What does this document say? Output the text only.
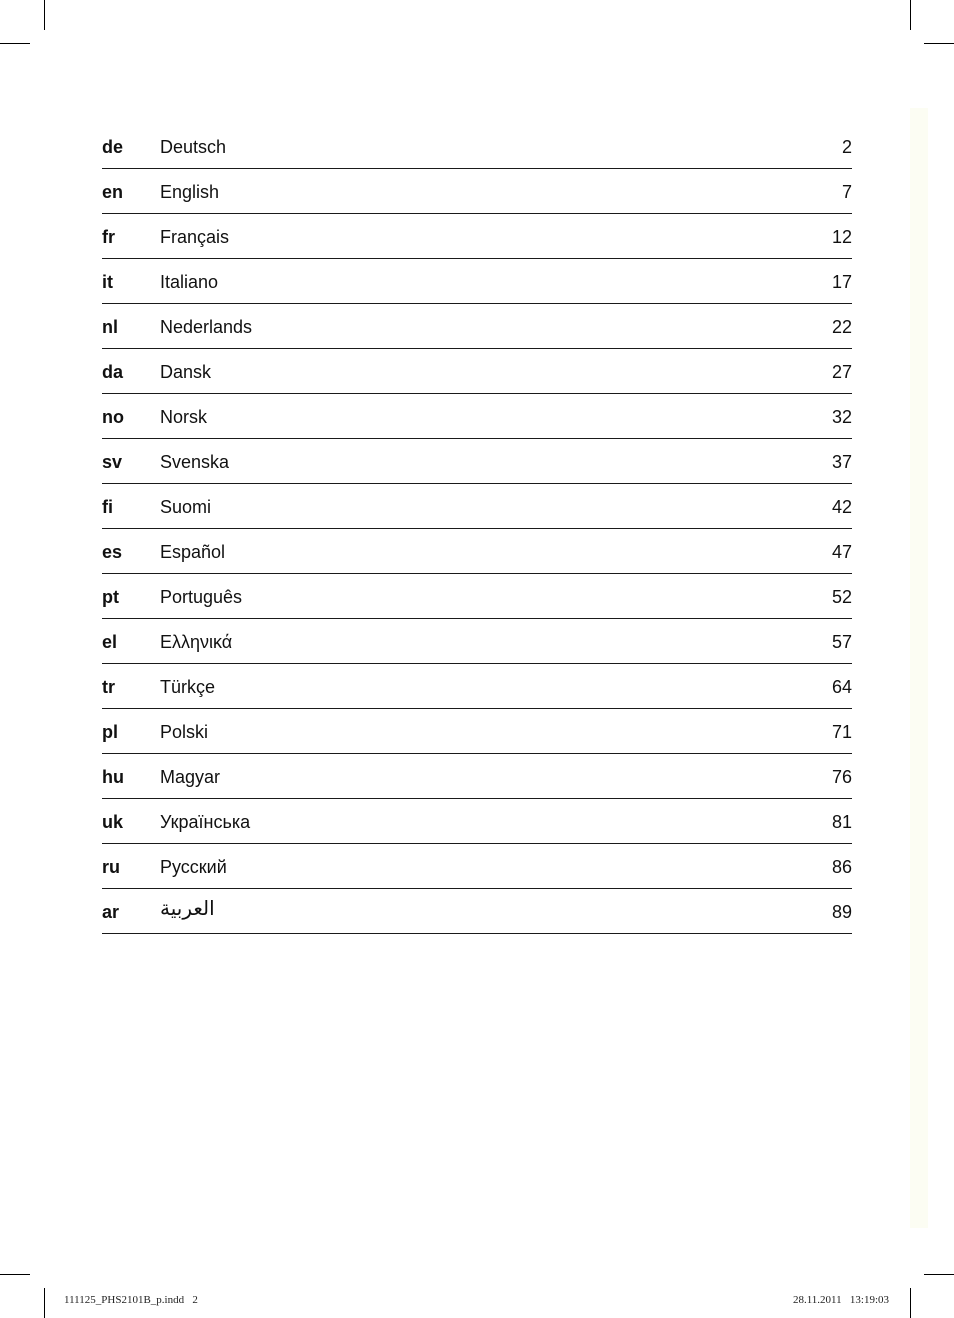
de Deutsch	2
en English	7
fr	Français	12
it	Italiano	17
nl Nederlands	22
da Dansk	27
no Norsk	32
sv Svenska	37
fi	Suomi	42
es Español	47
pt Português	52
el Ελληνικά	57
tr	Türkçe	64
pl Polski	71
hu Magyar	76
uk Українська	81
ru Русский	86
ar العربية	89
111125_PHS2101B_p.indd   2	28.11.2011   13:19:03
